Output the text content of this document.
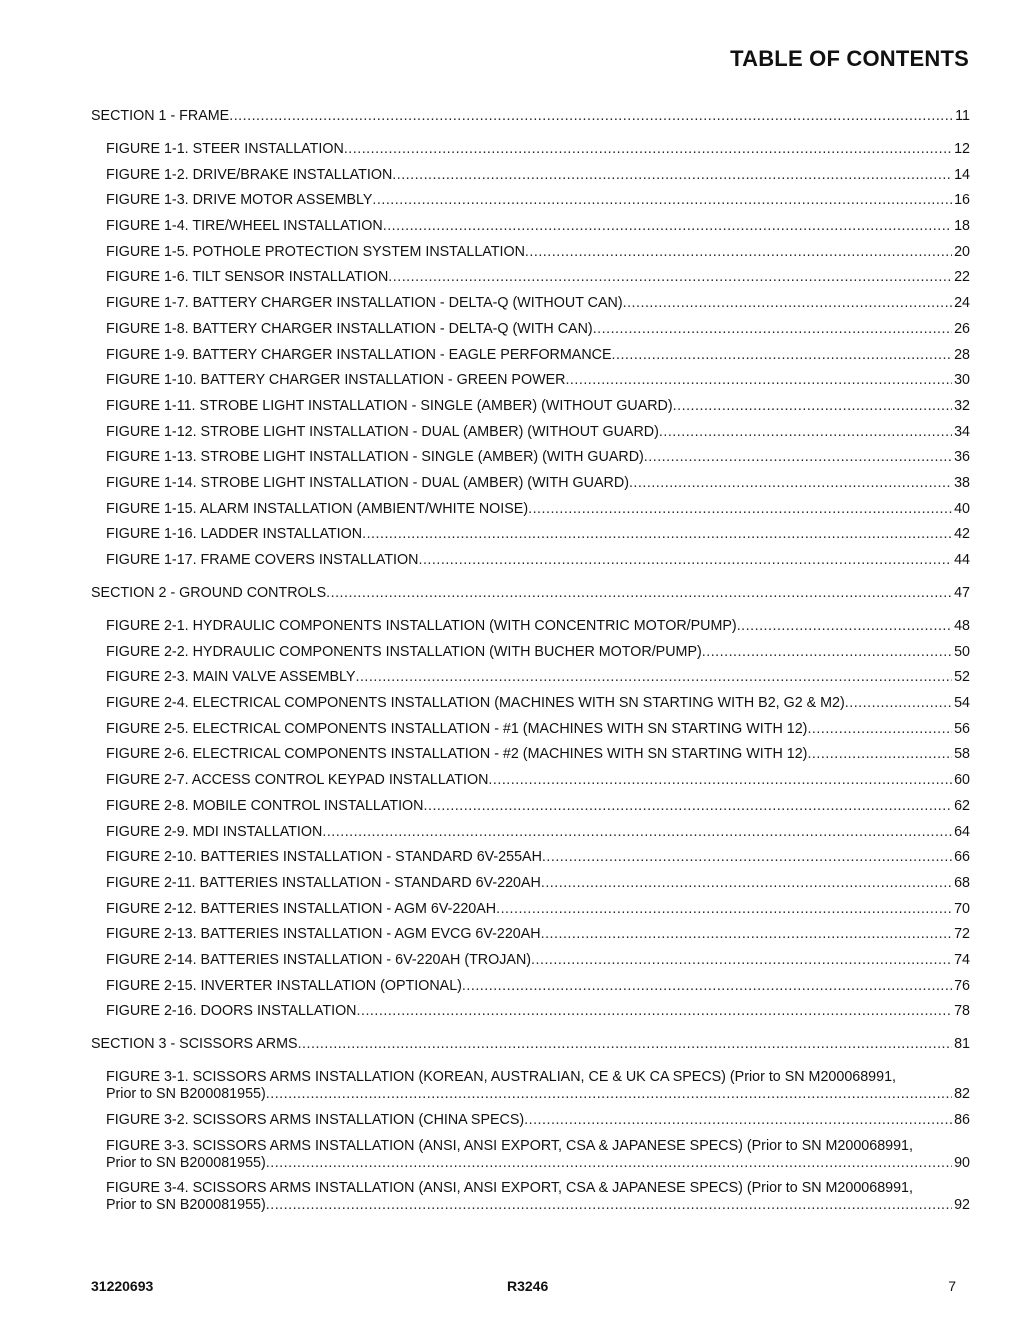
TABLE OF CONTENTS
SECTION 1 - FRAME .....	11
FIGURE 1-1. STEER INSTALLATION .....	12
FIGURE 1-2. DRIVE/BRAKE INSTALLATION .....	14
FIGURE 1-3. DRIVE MOTOR ASSEMBLY .....	16
FIGURE 1-4. TIRE/WHEEL INSTALLATION .....	18
FIGURE 1-5. POTHOLE PROTECTION SYSTEM INSTALLATION .....	20
FIGURE 1-6. TILT SENSOR INSTALLATION .....	22
FIGURE 1-7. BATTERY CHARGER INSTALLATION - DELTA-Q (WITHOUT CAN) .....	24
FIGURE 1-8. BATTERY CHARGER INSTALLATION - DELTA-Q (WITH CAN) .....	26
FIGURE 1-9. BATTERY CHARGER INSTALLATION - EAGLE PERFORMANCE .....	28
FIGURE 1-10. BATTERY CHARGER INSTALLATION - GREEN POWER .....	30
FIGURE 1-11. STROBE LIGHT INSTALLATION - SINGLE (AMBER) (WITHOUT GUARD) .....	32
FIGURE 1-12. STROBE LIGHT INSTALLATION - DUAL (AMBER) (WITHOUT GUARD) .....	34
FIGURE 1-13. STROBE LIGHT INSTALLATION - SINGLE (AMBER) (WITH GUARD) .....	36
FIGURE 1-14. STROBE LIGHT INSTALLATION - DUAL (AMBER) (WITH GUARD) .....	38
FIGURE 1-15. ALARM INSTALLATION (AMBIENT/WHITE NOISE) .....	40
FIGURE 1-16. LADDER INSTALLATION .....	42
FIGURE 1-17. FRAME COVERS INSTALLATION .....	44
SECTION 2 - GROUND CONTROLS .....	47
FIGURE 2-1. HYDRAULIC COMPONENTS INSTALLATION (WITH CONCENTRIC MOTOR/PUMP) .....	48
FIGURE 2-2. HYDRAULIC COMPONENTS INSTALLATION (WITH BUCHER MOTOR/PUMP) .....	50
FIGURE 2-3. MAIN VALVE ASSEMBLY .....	52
FIGURE 2-4. ELECTRICAL COMPONENTS INSTALLATION (MACHINES WITH SN STARTING WITH B2, G2 & M2) .....	54
FIGURE 2-5. ELECTRICAL COMPONENTS INSTALLATION - #1 (MACHINES WITH SN STARTING WITH 12) .....	56
FIGURE 2-6. ELECTRICAL COMPONENTS INSTALLATION - #2 (MACHINES WITH SN STARTING WITH 12) .....	58
FIGURE 2-7. ACCESS CONTROL KEYPAD INSTALLATION .....	60
FIGURE 2-8. MOBILE CONTROL INSTALLATION .....	62
FIGURE 2-9. MDI INSTALLATION .....	64
FIGURE 2-10. BATTERIES INSTALLATION - STANDARD 6V-255AH .....	66
FIGURE 2-11. BATTERIES INSTALLATION - STANDARD 6V-220AH .....	68
FIGURE 2-12. BATTERIES INSTALLATION - AGM 6V-220AH .....	70
FIGURE 2-13. BATTERIES INSTALLATION - AGM EVCG 6V-220AH .....	72
FIGURE 2-14. BATTERIES INSTALLATION - 6V-220AH (TROJAN) .....	74
FIGURE 2-15. INVERTER INSTALLATION (OPTIONAL) .....	76
FIGURE 2-16. DOORS INSTALLATION .....	78
SECTION 3 - SCISSORS ARMS .....	81
FIGURE 3-1. SCISSORS ARMS INSTALLATION (KOREAN, AUSTRALIAN, CE & UK CA SPECS) (Prior to SN M200068991,
Prior to SN B200081955) .....	82
FIGURE 3-2. SCISSORS ARMS INSTALLATION (CHINA SPECS) .....	86
FIGURE 3-3. SCISSORS ARMS INSTALLATION (ANSI, ANSI EXPORT, CSA & JAPANESE SPECS) (Prior to SN M200068991,
Prior to SN B200081955) .....	90
FIGURE 3-4. SCISSORS ARMS INSTALLATION (ANSI, ANSI EXPORT, CSA & JAPANESE SPECS) (Prior to SN M200068991,
Prior to SN B200081955) .....	92
31220693	R3246	7
